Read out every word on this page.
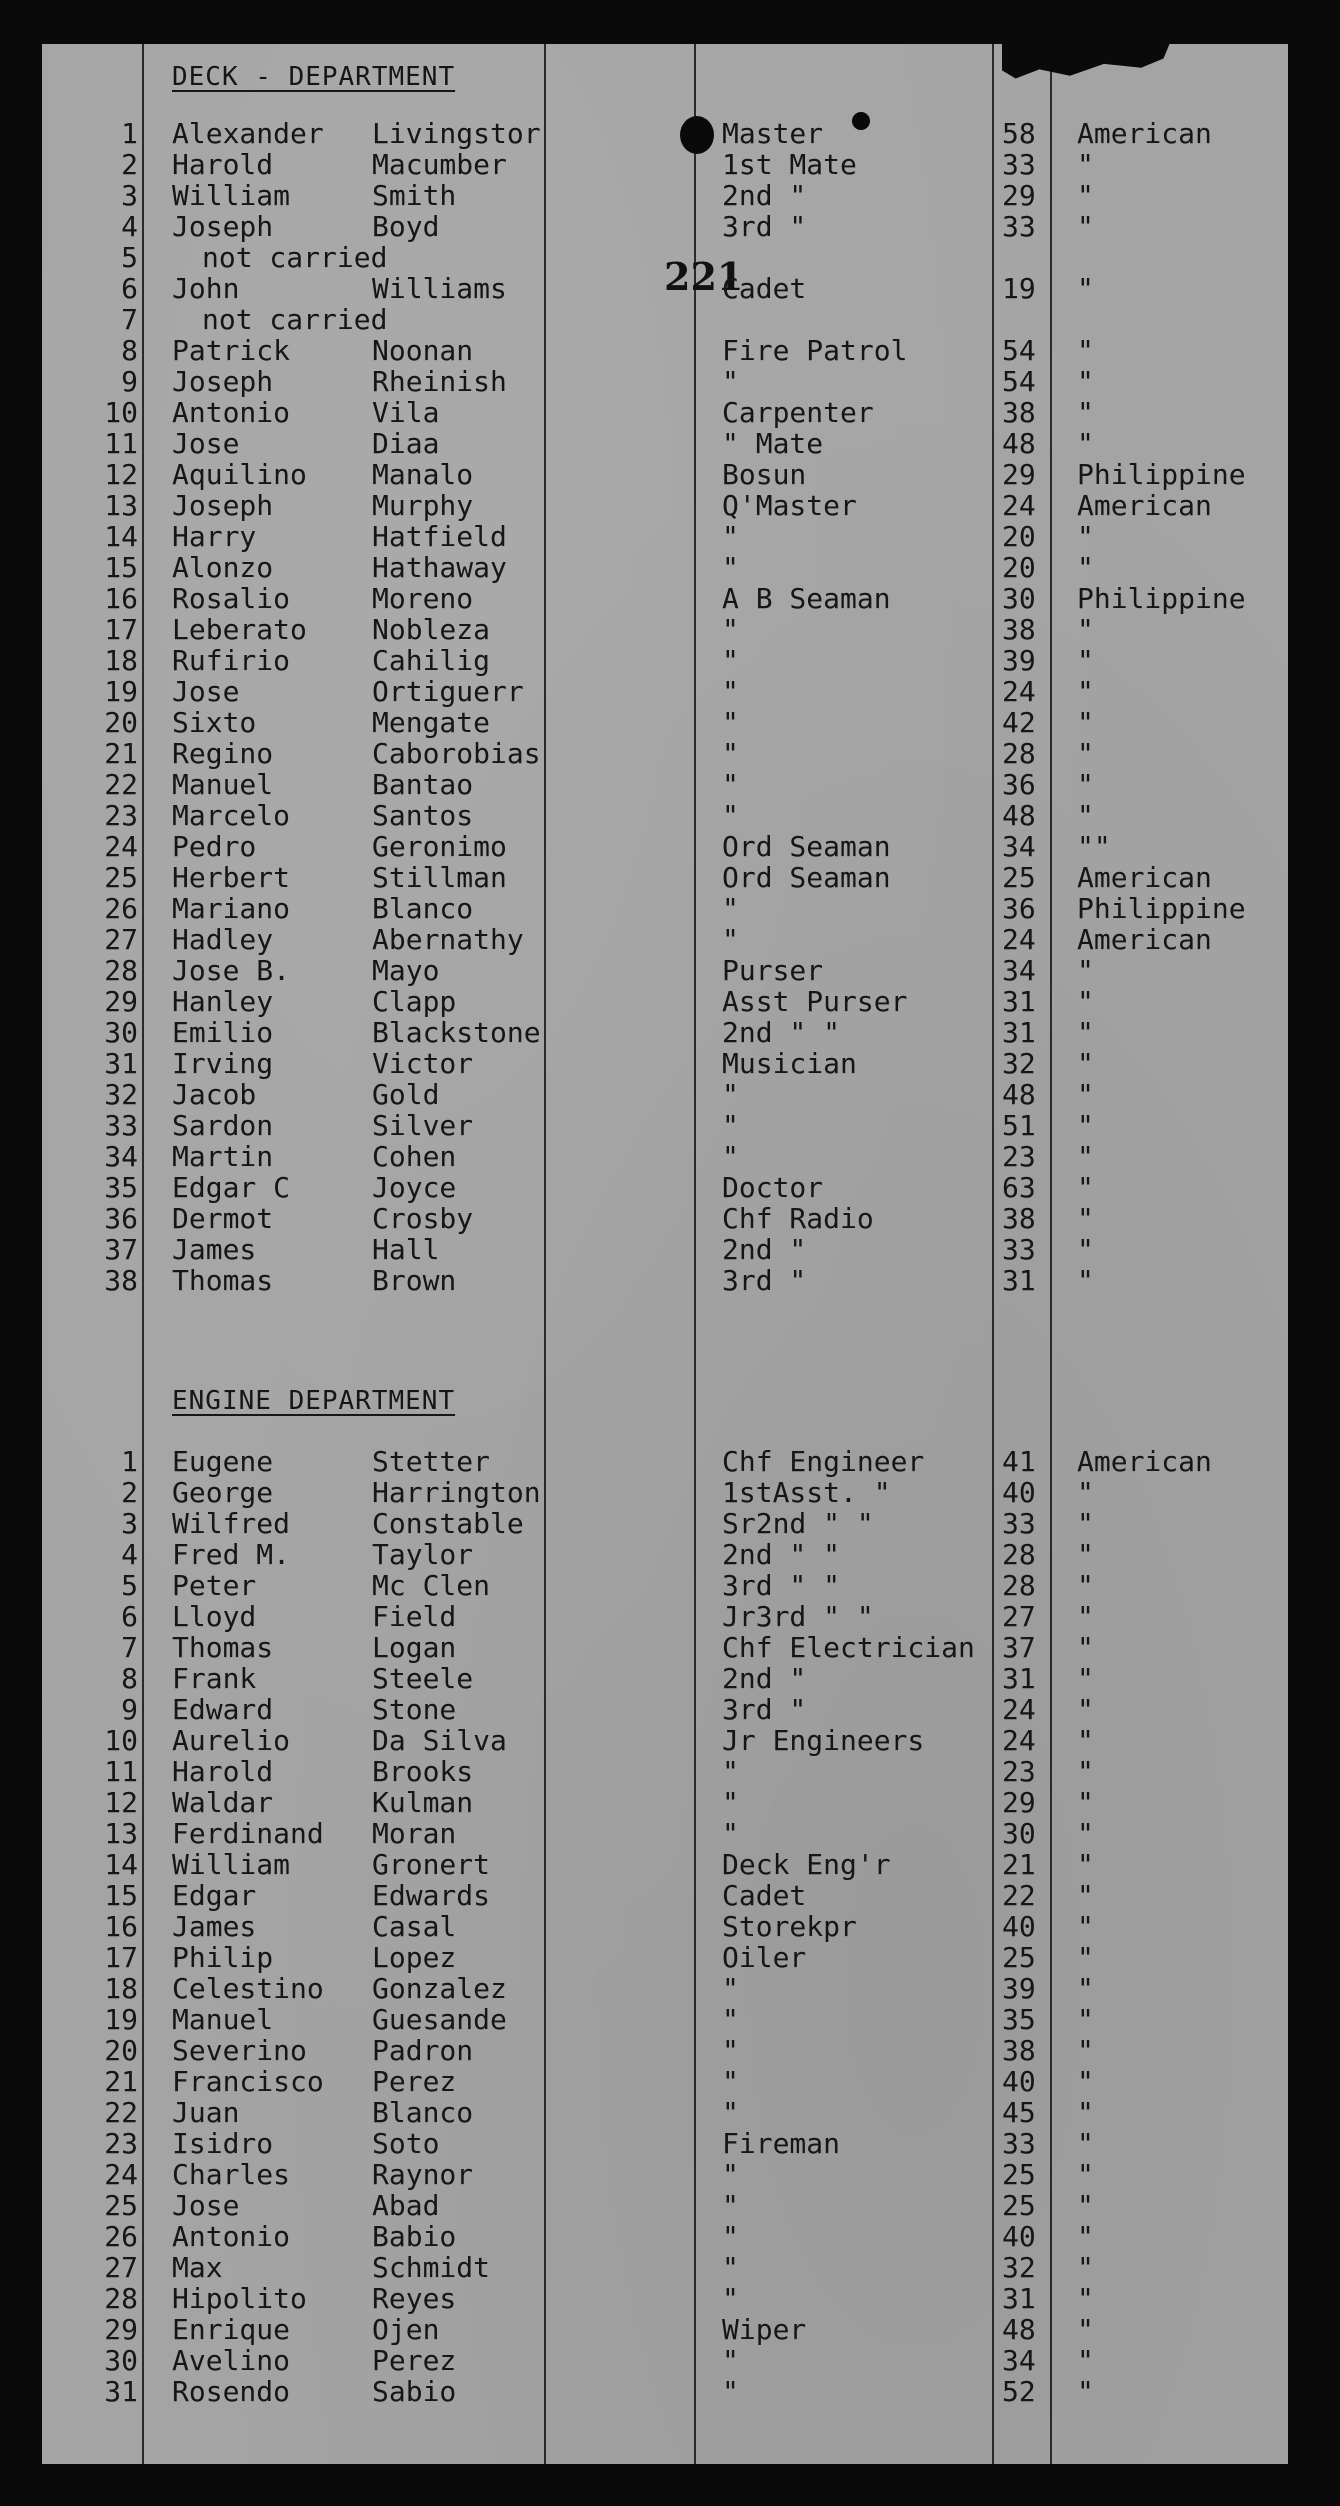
221
DECK - DEPARTMENT
1 Alexander Livingstor	Master	58 American
2 Harold	Macumber	1st Mate	33 "
3 William	Smith	2nd "	29 "
4 Joseph	Boyd	3rd "	33 "
5 not carried
6 John	Williams	Cadet	19 "
7 not carried
8 Patrick	Noonan	Fire Patrol	54 "
9 Joseph	Rheinish	"	54 "
10 Antonio	Vila	Carpenter	38 "
11 Jose	Diaa	" Mate	48 "
12 Aquilino Manalo	Bosun	29 Philippine
13 Joseph	Murphy	Q'Master	24 American
14 Harry	Hatfield	"	20 "
15 Alonzo	Hathaway	"	20 "
16 Rosalio	Moreno	A B Seaman	30 Philippine
17 Leberato Nobleza	"	38 "
18 Rufirio	Cahilig	"	39 "
19 Jose	Ortiguerr	"	24 "
20 Sixto	Mengate	"	42 "
21 Regino	Caborobias	"	28 "
22 Manuel	Bantao	"	36 "
23 Marcelo	Santos	"	48 "
24 Pedro	Geronimo	Ord Seaman	34 ""
25 Herbert	Stillman	Ord Seaman	25 American
26 Mariano	Blanco	"	36 Philippine
27 Hadley	Abernathy	"	24 American
28 Jose B.	Mayo	Purser	34 "
29 Hanley	Clapp	Asst Purser	31 "
30 Emilio	Blackstone	2nd " "	31 "
31 Irving	Victor	Musician	32 "
32 Jacob	Gold	"	48 "
33 Sardon	Silver	"	51 "
34 Martin	Cohen	"	23 "
35 Edgar C	Joyce	Doctor	63 "
36 Dermot	Crosby	Chf Radio	38 "
37 James	Hall	2nd "	33 "
38 Thomas	Brown	3rd "	31 "
ENGINE DEPARTMENT
1 Eugene	Stetter	Chf Engineer	41 American
2 George	Harrington	1stAsst. "	40 "
3 Wilfred	Constable	Sr2nd " "	33 "
4 Fred M.	Taylor	2nd " "	28 "
5 Peter	Mc Clen	3rd " "	28 "
6 Lloyd	Field	Jr3rd " "	27 "
7 Thomas	Logan	Chf Electrician 37 "
8 Frank	Steele	2nd "	31 "
9 Edward	Stone	3rd "	24 "
10 Aurelio	Da Silva	Jr Engineers	24 "
11 Harold	Brooks	"	23 "
12 Waldar	Kulman	"	29 "
13 Ferdinand Moran	"	30 "
14 William	Gronert	Deck Eng'r	21 "
15 Edgar	Edwards	Cadet	22 "
16 James	Casal	Storekpr	40 "
17 Philip	Lopez	Oiler	25 "
18 Celestino Gonzalez	"	39 "
19 Manuel	Guesande	"	35 "
20 Severino Padron	"	38 "
21 Francisco Perez	"	40 "
22 Juan	Blanco	"	45 "
23 Isidro	Soto	Fireman	33 "
24 Charles	Raynor	"	25 "
25 Jose	Abad	"	25 "
26 Antonio	Babio	"	40 "
27 Max	Schmidt	"	32 "
28 Hipolito Reyes	"	31 "
29 Enrique	Ojen	Wiper	48 "
30 Avelino	Perez	"	34 "
31 Rosendo	Sabio	"	52 "
